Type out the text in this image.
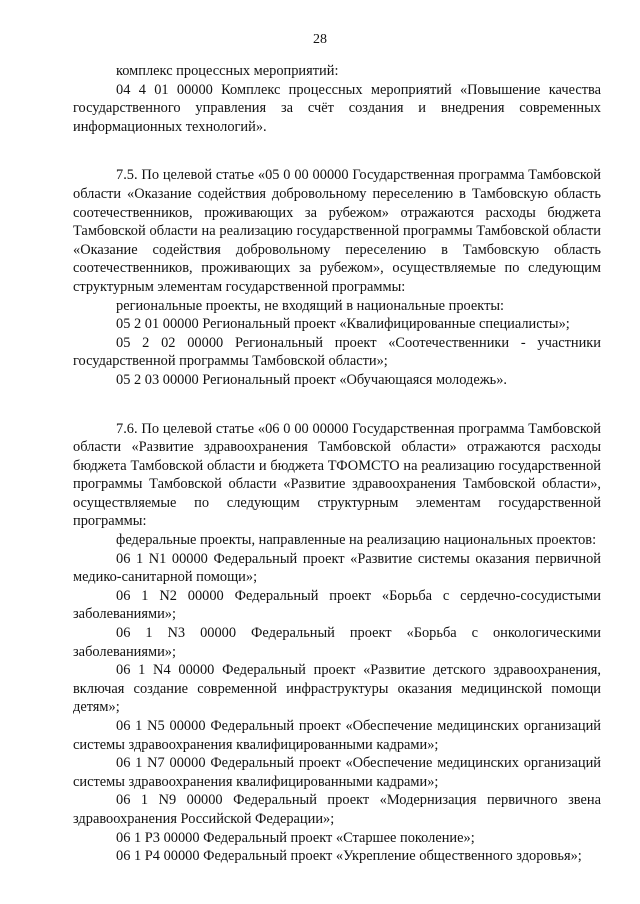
28

комплекс процессных мероприятий:

04 4 01 00000 Комплекс процессных мероприятий «Повышение качества государственного управления за счёт создания и внедрения современных информационных технологий».

7.5. По целевой статье «05 0 00 00000 Государственная программа Тамбовской области «Оказание содействия добровольному переселению в Тамбовскую область соотечественников, проживающих за рубежом» отражаются расходы бюджета Тамбовской области на реализацию государственной программы Тамбовской области «Оказание содействия добровольному переселению в Тамбовскую область соотечественников, проживающих за рубежом», осуществляемые по следующим структурным элементам государственной программы:

региональные проекты, не входящий в национальные проекты:

05 2 01 00000 Региональный проект «Квалифицированные специалисты»;

05 2 02 00000 Региональный проект «Соотечественники - участники государственной программы Тамбовской области»;

05 2 03 00000 Региональный проект «Обучающаяся молодежь».

7.6. По целевой статье «06 0 00 00000 Государственная программа Тамбовской области «Развитие здравоохранения Тамбовской области» отражаются расходы бюджета Тамбовской области и бюджета ТФОМСТО на реализацию государственной программы Тамбовской области «Развитие здравоохранения Тамбовской области», осуществляемые по следующим структурным элементам государственной программы:

федеральные проекты, направленные на реализацию национальных проектов:

06 1 N1 00000 Федеральный проект «Развитие системы оказания первичной медико-санитарной помощи»;

06 1 N2 00000 Федеральный проект «Борьба с сердечно-сосудистыми заболеваниями»;

06 1 N3 00000 Федеральный проект «Борьба с онкологическими заболеваниями»;

06 1 N4 00000 Федеральный проект «Развитие детского здравоохранения, включая создание современной инфраструктуры оказания медицинской помощи детям»;

06 1 N5 00000 Федеральный проект «Обеспечение медицинских организаций системы здравоохранения квалифицированными кадрами»;

06 1 N7 00000 Федеральный проект «Обеспечение медицинских организаций системы здравоохранения квалифицированными кадрами»;

06 1 N9 00000 Федеральный проект «Модернизация первичного звена здравоохранения Российской Федерации»;

06 1 P3 00000 Федеральный проект «Старшее поколение»;

06 1 P4 00000 Федеральный проект «Укрепление общественного здоровья»;
